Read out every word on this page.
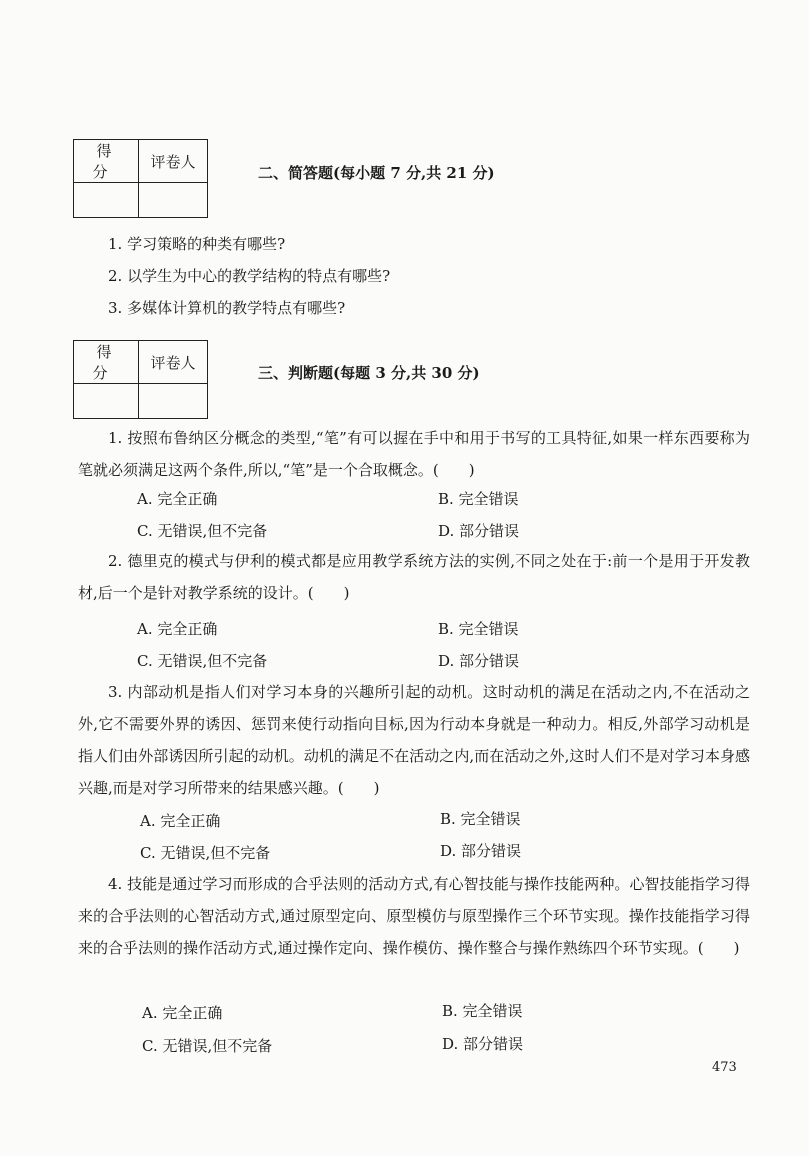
得 分	评卷人

二、简答题(每小题 7 分,共 21 分)
1. 学习策略的种类有哪些?
2. 以学生为中心的教学结构的特点有哪些?
3. 多媒体计算机的教学特点有哪些?
得 分	评卷人

三、判断题(每题 3 分,共 30 分)
1. 按照布鲁纳区分概念的类型,“笔”有可以握在手中和用于书写的工具特征,如果一样东西要称为笔就必须满足这两个条件,所以,“笔”是一个合取概念。(　　)
A. 完全正确	B. 完全错误
C. 无错误,但不完备	D. 部分错误
2. 德里克的模式与伊利的模式都是应用教学系统方法的实例,不同之处在于:前一个是用于开发教材,后一个是针对教学系统的设计。(　　)
A. 完全正确	B. 完全错误
C. 无错误,但不完备	D. 部分错误
3. 内部动机是指人们对学习本身的兴趣所引起的动机。这时动机的满足在活动之内,不在活动之外,它不需要外界的诱因、惩罚来使行动指向目标,因为行动本身就是一种动力。相反,外部学习动机是指人们由外部诱因所引起的动机。动机的满足不在活动之内,而在活动之外,这时人们不是对学习本身感兴趣,而是对学习所带来的结果感兴趣。(　　)
A. 完全正确	B. 完全错误
C. 无错误,但不完备	D. 部分错误
4. 技能是通过学习而形成的合乎法则的活动方式,有心智技能与操作技能两种。心智技能指学习得来的合乎法则的心智活动方式,通过原型定向、原型模仿与原型操作三个环节实现。操作技能指学习得来的合乎法则的操作活动方式,通过操作定向、操作模仿、操作整合与操作熟练四个环节实现。(　　)
A. 完全正确	B. 完全错误
C. 无错误,但不完备	D. 部分错误
473
